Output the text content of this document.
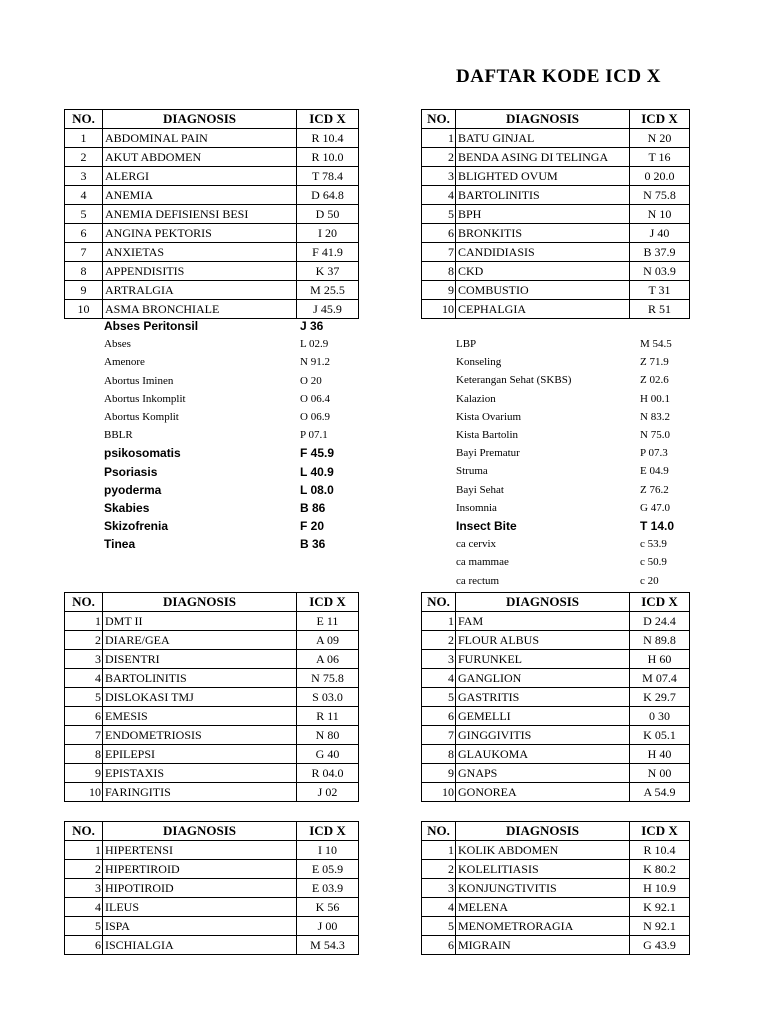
DAFTAR KODE ICD X
NO.	DIAGNOSIS	ICD X
1	ABDOMINAL PAIN	R 10.4
2	AKUT ABDOMEN	R 10.0
3	ALERGI	T 78.4
4	ANEMIA	D 64.8
5	ANEMIA DEFISIENSI BESI	D 50
6	ANGINA PEKTORIS	I 20
7	ANXIETAS	F 41.9
8	APPENDISITIS	K 37
9	ARTRALGIA	M 25.5
10	ASMA BRONCHIALE	J 45.9
NO.	DIAGNOSIS	ICD X
1	BATU GINJAL	N 20
2	BENDA ASING DI TELINGA	T 16
3	BLIGHTED OVUM	0 20.0
4	BARTOLINITIS	N 75.8
5	BPH	N 10
6	BRONKITIS	J 40
7	CANDIDIASIS	B 37.9
8	CKD	N 03.9
9	COMBUSTIO	T 31
10	CEPHALGIA	R 51
NO.	DIAGNOSIS	ICD X
1	DMT II	E 11
2	DIARE/GEA	A 09
3	DISENTRI	A 06
4	BARTOLINITIS	N 75.8
5	DISLOKASI TMJ	S 03.0
6	EMESIS	R 11
7	ENDOMETRIOSIS	N 80
8	EPILEPSI	G 40
9	EPISTAXIS	R 04.0
10	FARINGITIS	J 02
NO.	DIAGNOSIS	ICD X
1	FAM	D 24.4
2	FLOUR ALBUS	N 89.8
3	FURUNKEL	H 60
4	GANGLION	M 07.4
5	GASTRITIS	K 29.7
6	GEMELLI	0 30
7	GINGGIVITIS	K 05.1
8	GLAUKOMA	H 40
9	GNAPS	N 00
10	GONOREA	A 54.9
NO.	DIAGNOSIS	ICD X
1	HIPERTENSI	I 10
2	HIPERTIROID	E 05.9
3	HIPOTIROID	E 03.9
4	ILEUS	K 56
5	ISPA	J 00
6	ISCHIALGIA	M 54.3
NO.	DIAGNOSIS	ICD X
1	KOLIK ABDOMEN	R 10.4
2	KOLELITIASIS	K 80.2
3	KONJUNGTIVITIS	H 10.9
4	MELENA	K 92.1
5	MENOMETRORAGIA	N 92.1
6	MIGRAIN	G 43.9
Abses Peritonsil	J 36
Abses	L 02.9
Amenore	N 91.2
Abortus Iminen	O 20
Abortus Inkomplit	O 06.4
Abortus Komplit	O 06.9
BBLR	P 07.1
psikosomatis	F 45.9
Psoriasis	L 40.9
pyoderma	L 08.0
Skabies	B 86
Skizofrenia	F 20
Tinea	B 36
LBP	M 54.5
Konseling	Z 71.9
Keterangan Sehat (SKBS)	Z 02.6
Kalazion	H 00.1
Kista Ovarium	N 83.2
Kista Bartolin	N 75.0
Bayi Prematur	P 07.3
Struma	E 04.9
Bayi Sehat	Z 76.2
Insomnia	G 47.0
Insect Bite	T 14.0
ca cervix	c 53.9
ca mammae	c 50.9
ca rectum	c 20
